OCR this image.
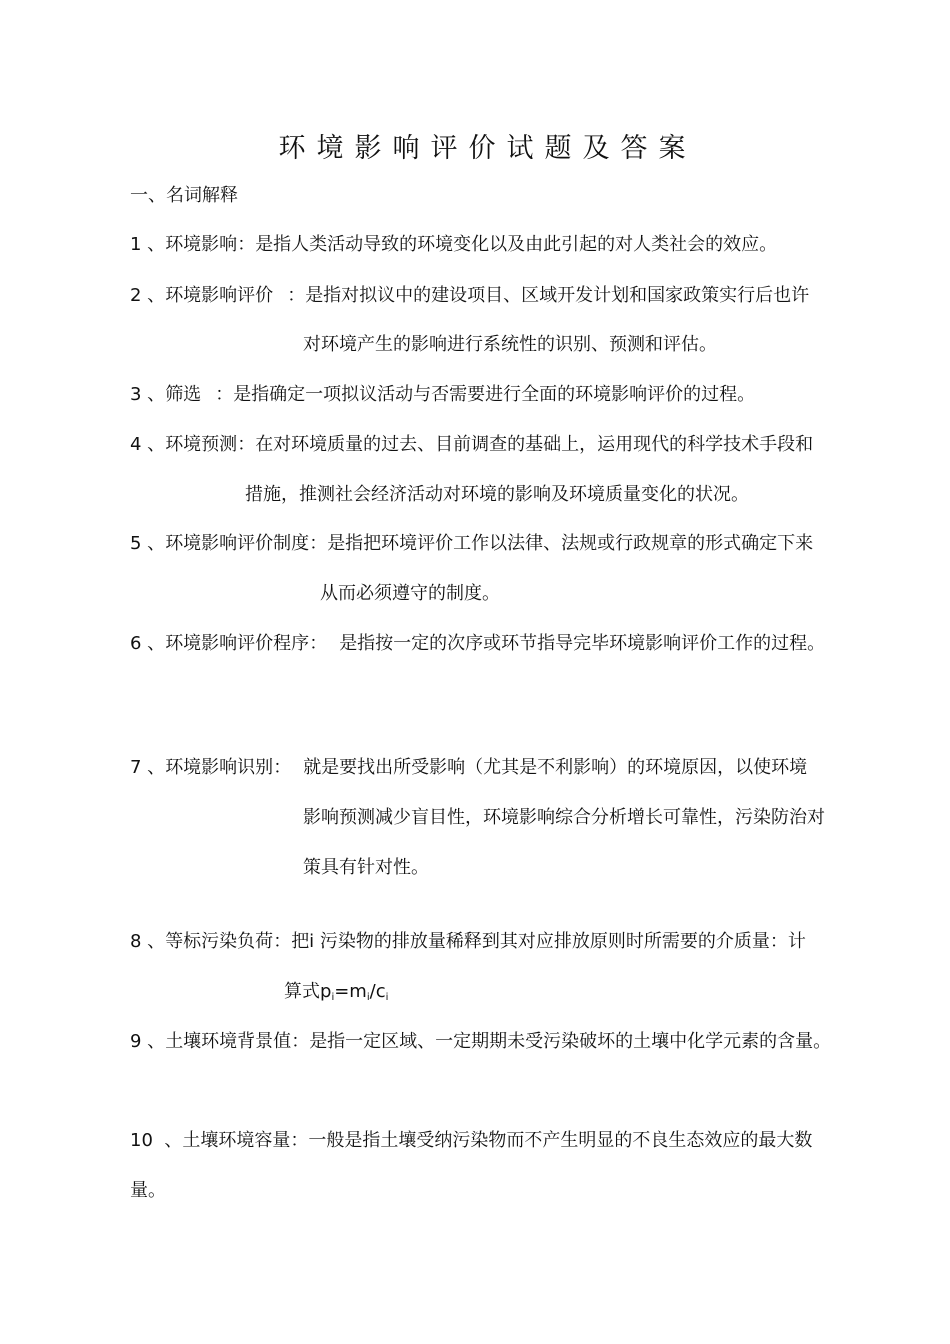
环境影响评价试题及答案
一、名词解释
1 、环境影响：是指人类活动导致的环境变化以及由此引起的对人类社会的效应。
2 、环境影响评价 ：是指对拟议中的建设项目、区域开发计划和国家政策实行后也许
对环境产生的影响进行系统性的识别、预测和评估。
3 、筛选 ：是指确定一项拟议活动与否需要进行全面的环境影响评价的过程。
4 、环境预测：在对环境质量的过去、目前调查的基础上，运用现代的科学技术手段和
措施，推测社会经济活动对环境的影响及环境质量变化的状况。
5 、环境影响评价制度：是指把环境评价工作以法律、法规或行政规章的形式确定下来
从而必须遵守的制度。
6 、环境影响评价程序： 是指按一定的次序或环节指导完毕环境影响评价工作的过程。
7 、环境影响识别： 就是要找出所受影响（尤其是不利影响）的环境原因，以使环境
影响预测减少盲目性，环境影响综合分析增长可靠性，污染防治对
策具有针对性。
8 、等标污染负荷：把i 污染物的排放量稀释到其对应排放原则时所需要的介质量：计
算式$p_i=m_i/c_i$
9 、土壤环境背景值：是指一定区域、一定期期未受污染破坏的土壤中化学元素的含量。
10  、土壤环境容量：一般是指土壤受纳污染物而不产生明显的不良生态效应的最大数
量。
